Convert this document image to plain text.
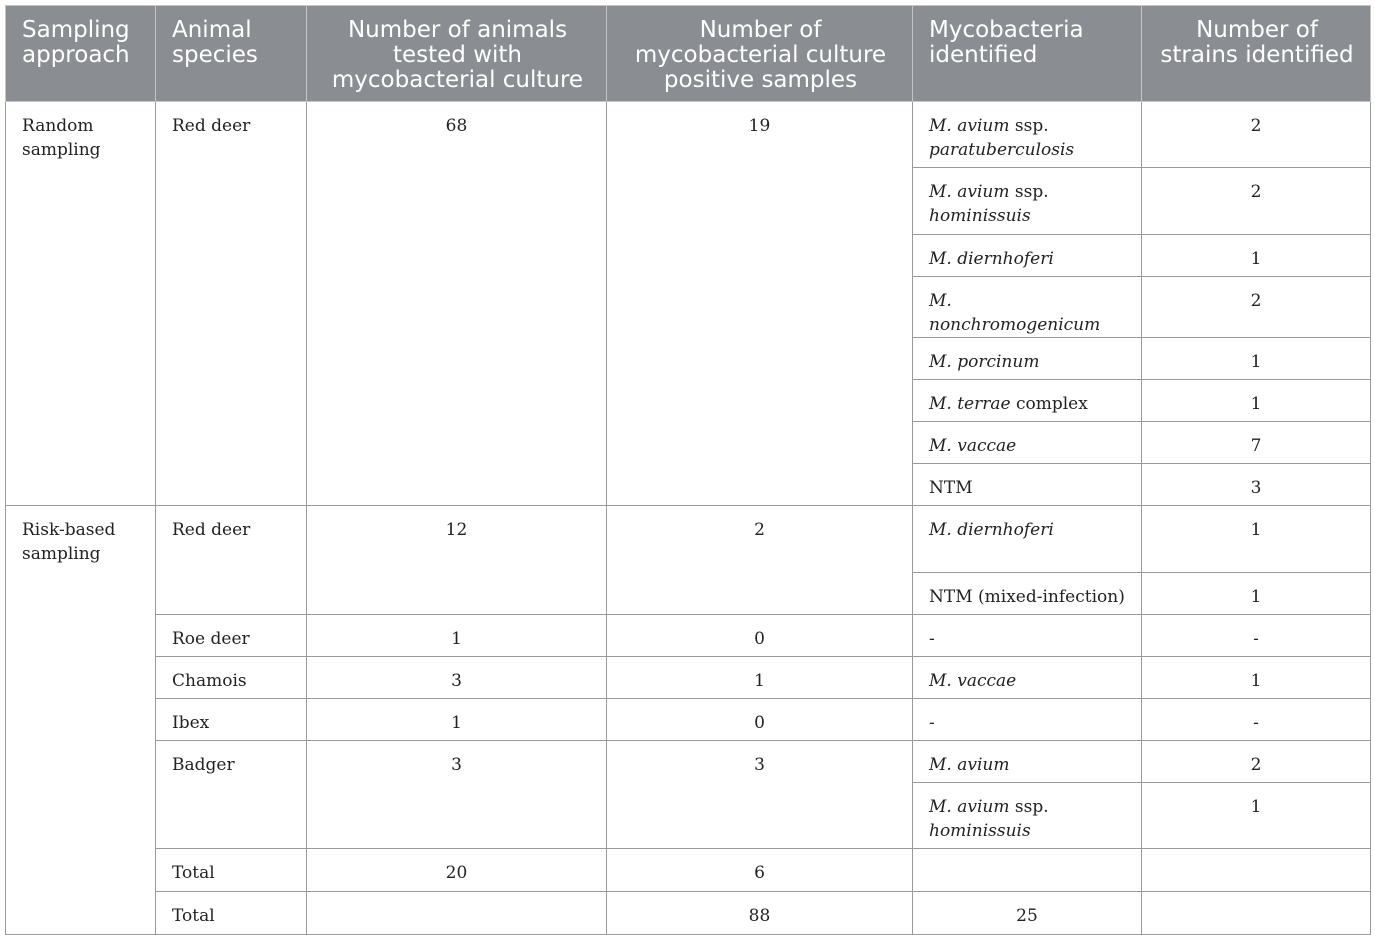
Sampling approach	Animal species	Number of animals tested with mycobacterial culture	Number of mycobacterial culture positive samples	Mycobacteria identified	Number of strains identified	
Random sampling	Red deer	68	19	M. avium ssp. paratuberculosis	2	
				M. avium ssp. hominissuis	2	
				M. diernhoferi	1	
				M. nonchromogenicum	2	
				M. porcinum	1	
				M. terrae complex	1	
				M. vaccae	7	
				NTM	3	
Risk-based sampling	Red deer	12	2	M. diernhoferi	1	
				NTM (mixed-infection)	1	
	Roe deer	1	0	-	-	
	Chamois	3	1	M. vaccae	1	
	Ibex	1	0	-	-	
	Badger	3	3	M. avium	2	
				M. avium ssp. hominissuis	1	
	Total	20	6			
	Total		88	25		
